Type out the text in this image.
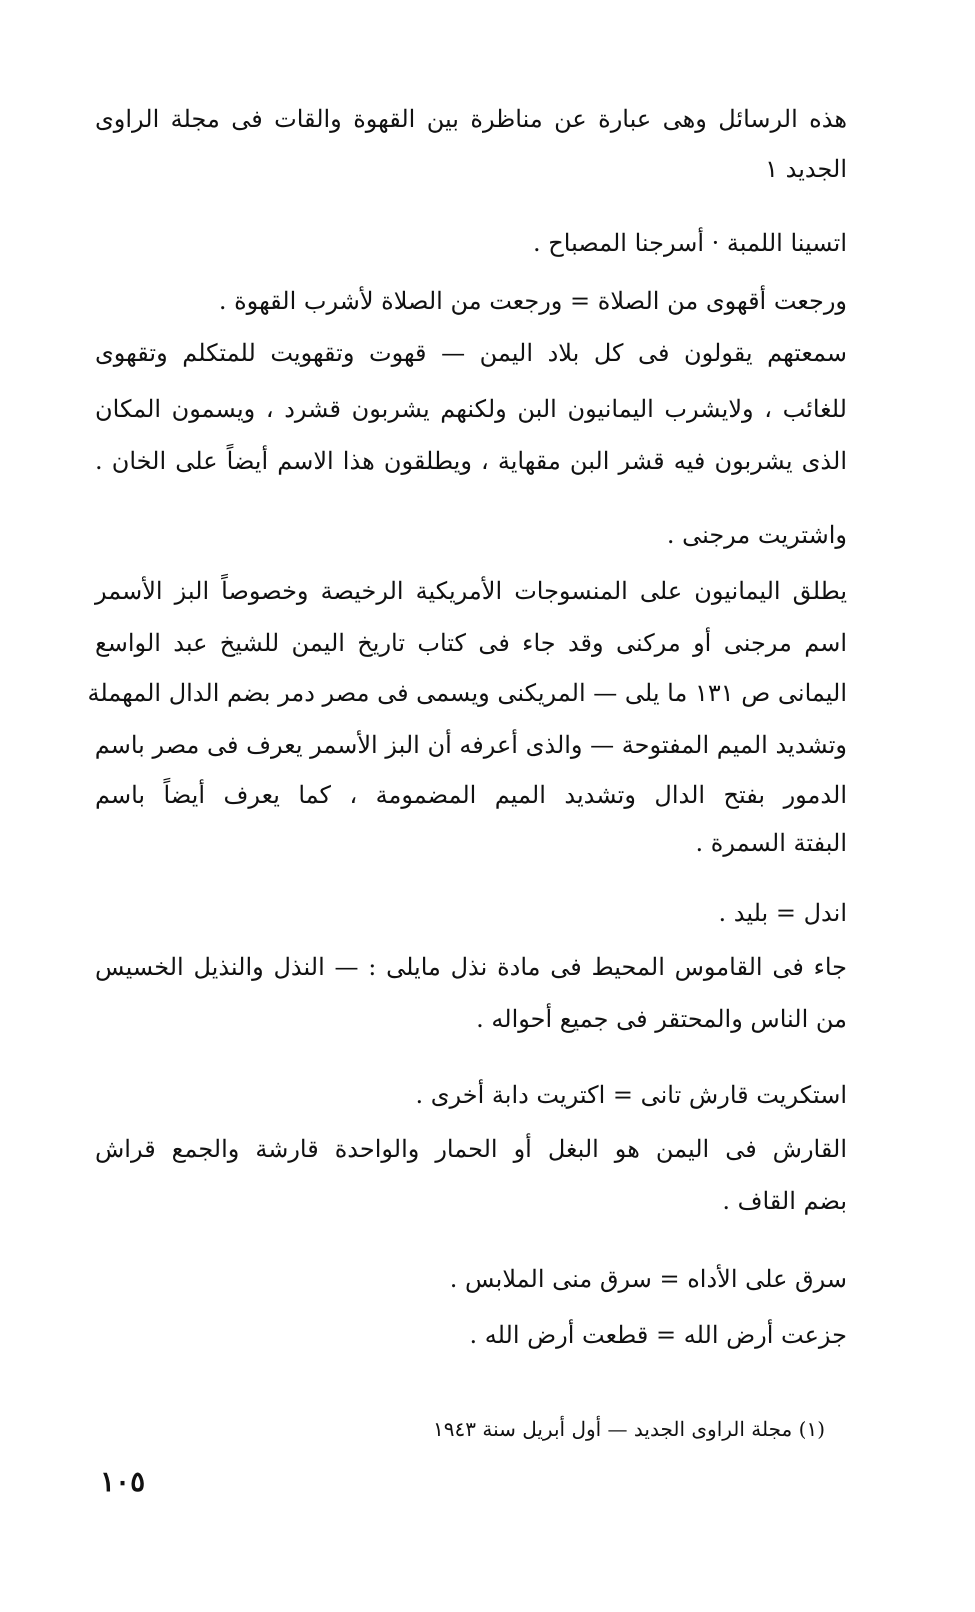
هذه الرسائل وهى عبارة عن مناظرة بين القهوة والقات فى مجلة الراوى
الجديد ١
اتسينا اللمبة · أسرجنا المصباح .
ورجعت أقهوى من الصلاة = ورجعت من الصلاة لأشرب القهوة .
سمعتهم يقولون فى كل بلاد اليمن — قهوت وتقهويت للمتكلم وتقهوى
للغائب ، ولايشرب اليمانيون البن ولكنهم يشربون قشرد ، ويسمون المكان
الذى يشربون فيه قشر البن مقهاية ، ويطلقون هذا الاسم أيضاً على الخان .
واشتريت مرجنى .
يطلق اليمانيون على المنسوجات الأمريكية الرخيصة وخصوصاً البز الأسمر
اسم مرجنى أو مركنى وقد جاء فى كتاب تاريخ اليمن للشيخ عبد الواسع
اليمانى ص ١٣١ ما يلى — المريكنى ويسمى فى مصر دمر بضم الدال المهملة
وتشديد الميم المفتوحة — والذى أعرفه أن البز الأسمر يعرف فى مصر باسم
الدمور بفتح الدال وتشديد الميم المضمومة ، كما يعرف أيضاً باسم
البفتة السمرة .
اندل = بليد .
جاء فى القاموس المحيط فى مادة نذل مايلى : — النذل والنذيل الخسيس
من الناس والمحتقر فى جميع أحواله .
استكريت قارش تانى = اكتريت دابة أخرى .
القارش فى اليمن هو البغل أو الحمار والواحدة قارشة والجمع قراش
بضم القاف .
سرق على الأداه = سرق منى الملابس .
جزعت أرض الله = قطعت أرض الله .
(١) مجلة الراوى الجديد — أول أبريل سنة ١٩٤٣
١٠٥
